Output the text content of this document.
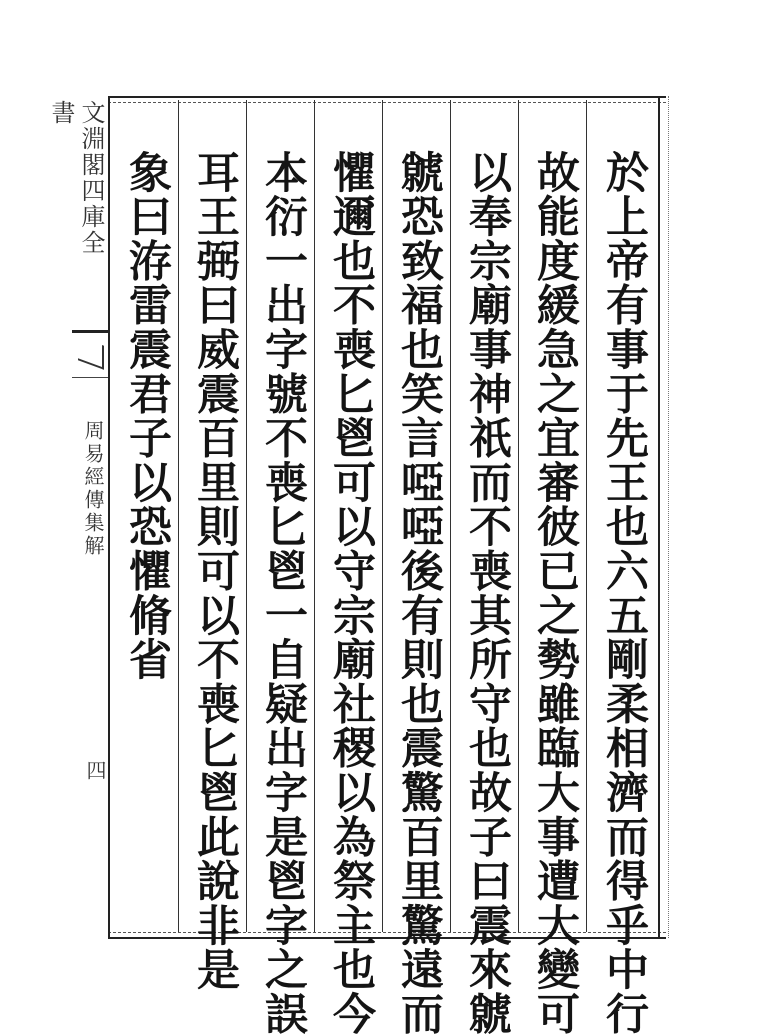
文淵閣四庫全書
周易經傳集解
四	於上帝有事于先王也六五剛柔相濟而得乎中行
故能度緩急之宜審彼已之勢雖臨大事遭大變可
以奉宗廟事神祇而不喪其所守也故子曰震來虩
虩恐致福也笑言啞啞後有則也震驚百里驚遠而
懼邇也不喪匕鬯可以守宗廟社稷以為祭主也今
本衍一出字號不喪匕鬯一自疑出字是鬯字之誤
耳王弼曰威震百里則可以不喪匕鬯此說非是
象曰洊雷震君子以恐懼脩省
